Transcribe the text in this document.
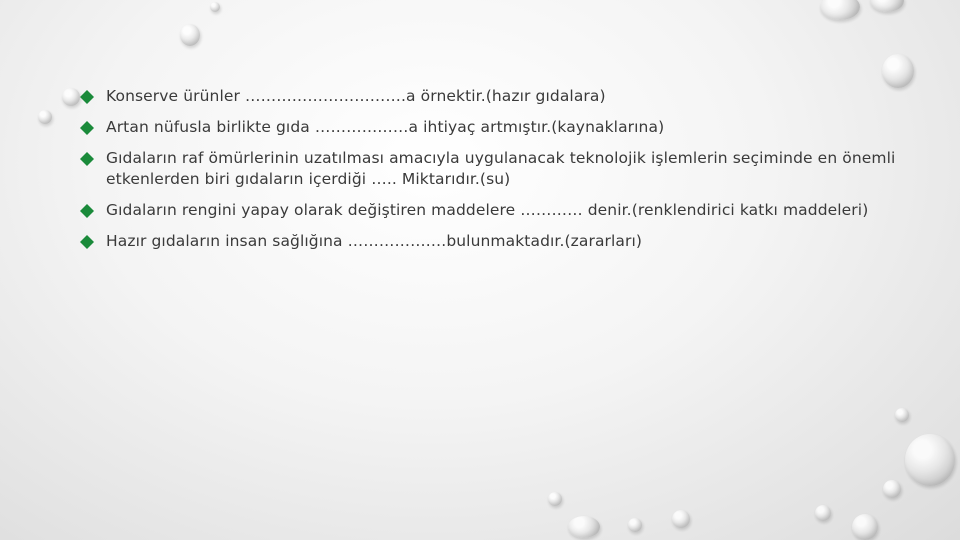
Konserve ürünler ………………………….a örnektir.(hazır gıdalara)
Artan nüfusla birlikte gıda ………………a ihtiyaç artmıştır.(kaynaklarına)
Gıdaların raf ömürlerinin uzatılması amacıyla uygulanacak teknolojik işlemlerin seçiminde en önemli etkenlerden biri gıdaların içerdiği ….. Miktarıdır.(su)
Gıdaların rengini yapay olarak değiştiren maddelere ………… denir.(renklendirici katkı maddeleri)
Hazır gıdaların insan sağlığına ……………….bulunmaktadır.(zararları)
